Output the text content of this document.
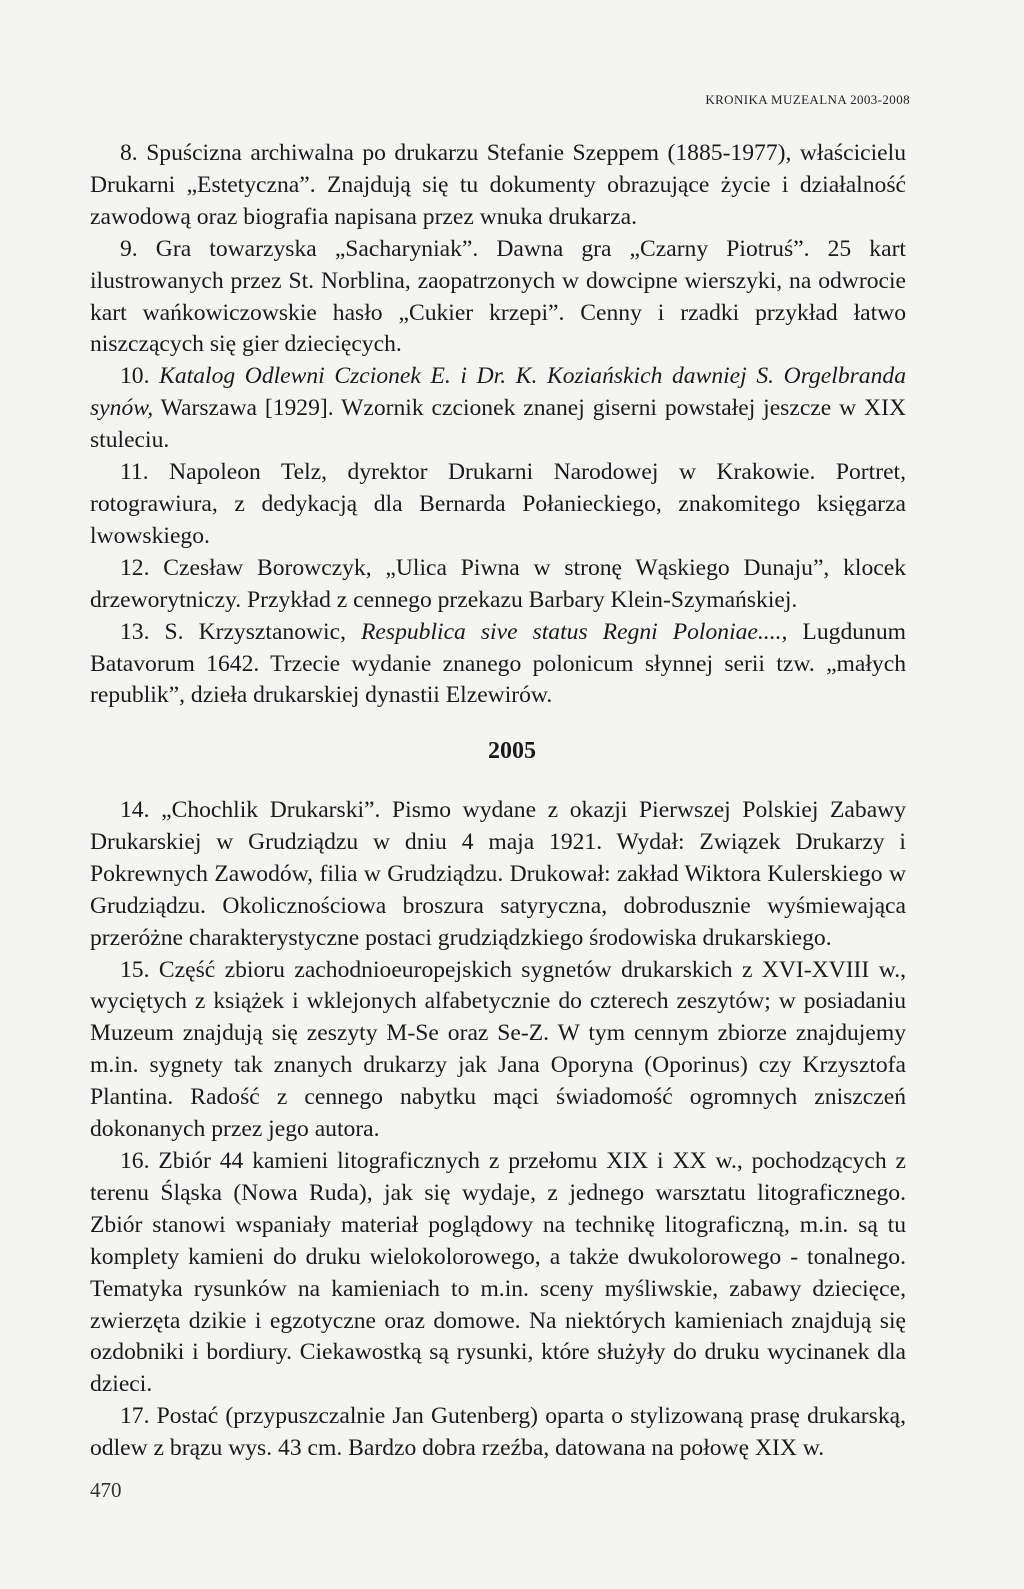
KRONIKA MUZEALNA 2003-2008

8. Spuścizna archiwalna po drukarzu Stefanie Szeppem (1885-1977), właścicielu Drukarni „Estetyczna”. Znajdują się tu dokumenty obrazujące życie i działalność zawodową oraz biografia napisana przez wnuka drukarza.

9. Gra towarzyska „Sacharyniak”. Dawna gra „Czarny Piotruś”. 25 kart ilustrowanych przez St. Norblina, zaopatrzonych w dowcipne wierszyki, na odwrocie kart wańkowiczowskie hasło „Cukier krzepi”. Cenny i rzadki przykład łatwo niszczących się gier dziecięcych.

10. Katalog Odlewni Czcionek E. i Dr. K. Koziańskich dawniej S. Orgelbranda synów, Warszawa [1929]. Wzornik czcionek znanej giserni powstałej jeszcze w XIX stuleciu.

11. Napoleon Telz, dyrektor Drukarni Narodowej w Krakowie. Portret, rotograwiura, z dedykacją dla Bernarda Połanieckiego, znakomitego księgarza lwowskiego.

12. Czesław Borowczyk, „Ulica Piwna w stronę Wąskiego Dunaju”, klocek drzeworytniczy. Przykład z cennego przekazu Barbary Klein-Szymańskiej.

13. S. Krzysztanowic, Respublica sive status Regni Poloniae...., Lugdunum Batavorum 1642. Trzecie wydanie znanego polonicum słynnej serii tzw. „małych republik”, dzieła drukarskiej dynastii Elzewirów.

2005

14. „Chochlik Drukarski”. Pismo wydane z okazji Pierwszej Polskiej Zabawy Drukarskiej w Grudziądzu w dniu 4 maja 1921. Wydał: Związek Drukarzy i Pokrewnych Zawodów, filia w Grudziądzu. Drukował: zakład Wiktora Kulerskiego w Grudziądzu. Okolicznościowa broszura satyryczna, dobrodusznie wyśmiewająca przeróżne charakterystyczne postaci grudziądzkiego środowiska drukarskiego.

15. Część zbioru zachodnioeuropejskich sygnetów drukarskich z XVI-XVIII w., wyciętych z książek i wklejonych alfabetycznie do czterech zeszytów; w posiadaniu Muzeum znajdują się zeszyty M-Se oraz Se-Z. W tym cennym zbiorze znajdujemy m.in. sygnety tak znanych drukarzy jak Jana Oporyna (Oporinus) czy Krzysztofa Plantina. Radość z cennego nabytku mąci świadomość ogromnych zniszczeń dokonanych przez jego autora.

16. Zbiór 44 kamieni litograficznych z przełomu XIX i XX w., pochodzących z terenu Śląska (Nowa Ruda), jak się wydaje, z jednego warsztatu litograficznego. Zbiór stanowi wspaniały materiał poglądowy na technikę litograficzną, m.in. są tu komplety kamieni do druku wielokolorowego, a także dwukolorowego - tonalnego. Tematyka rysunków na kamieniach to m.in. sceny myśliwskie, zabawy dziecięce, zwierzęta dzikie i egzotyczne oraz domowe. Na niektórych kamieniach znajdują się ozdobniki i bordiury. Ciekawostką są rysunki, które służyły do druku wycinanek dla dzieci.

17. Postać (przypuszczalnie Jan Gutenberg) oparta o stylizowaną prasę drukarską, odlew z brązu wys. 43 cm. Bardzo dobra rzeźba, datowana na połowę XIX w.

470
